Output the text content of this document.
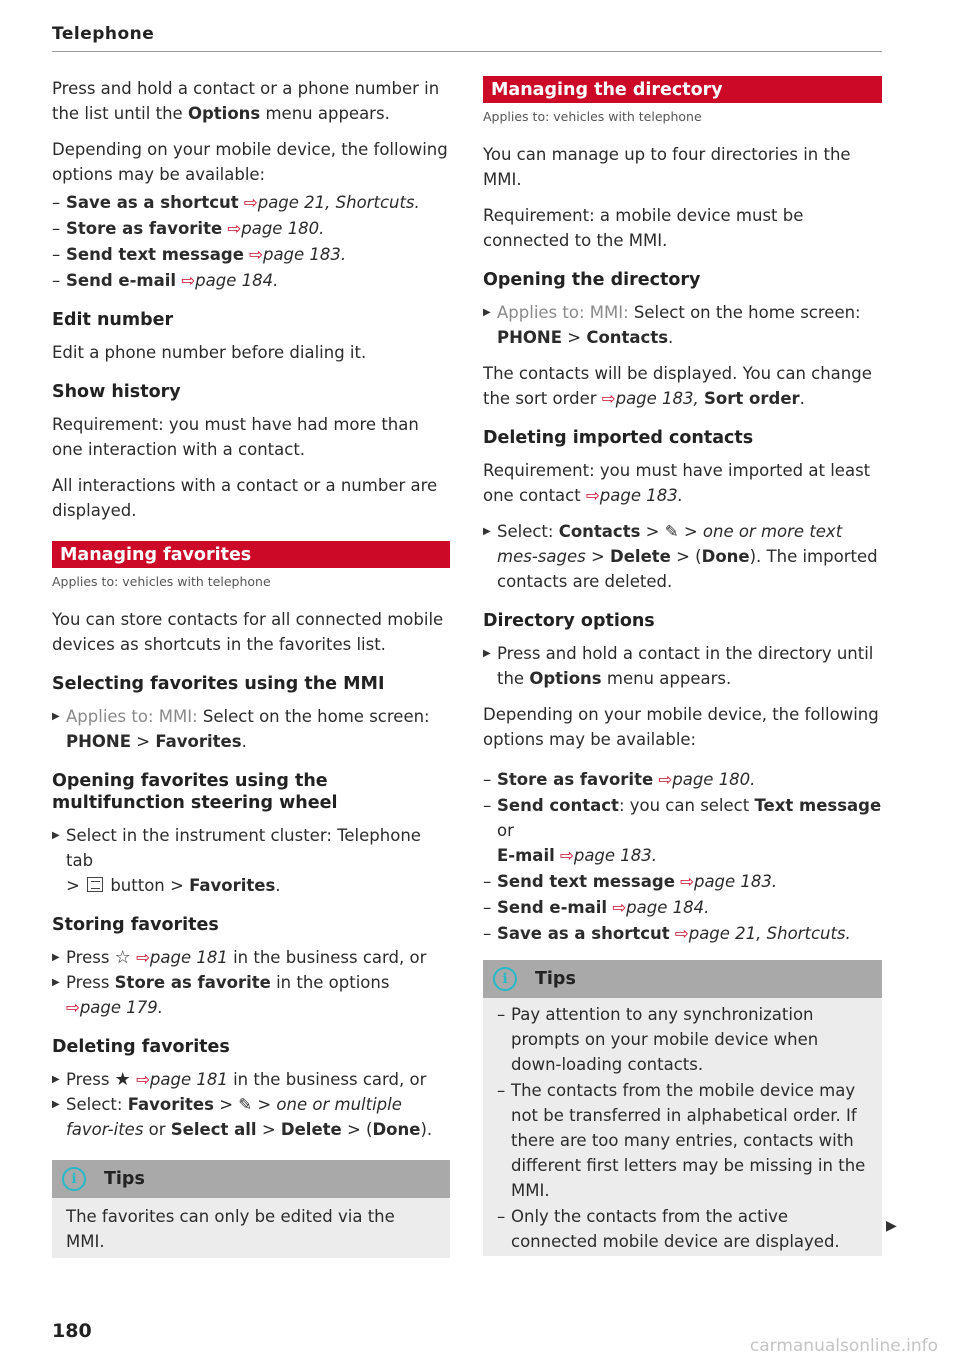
Telephone

Press and hold a contact or a phone number in the list until the Options menu appears.

Depending on your mobile device, the following options may be available:

– Save as a shortcut ⇨page 21, Shortcuts.

– Store as favorite ⇨page 180.

– Send text message ⇨page 183.

– Send e-mail ⇨page 184.

Edit number

Edit a phone number before dialing it.

Show history

Requirement: you must have had more than one interaction with a contact.

All interactions with a contact or a number are displayed.

Managing favorites
Applies to: vehicles with telephone

You can store contacts for all connected mobile devices as shortcuts in the favorites list.

Selecting favorites using the MMI

▶ Applies to: MMI: Select on the home screen:
PHONE > Favorites.

Opening favorites using the multifunction steering wheel

▶ Select in the instrument cluster: Telephone tab
>  button > Favorites.

Storing favorites

▶ Press ☆ ⇨page 181 in the business card, or

▶ Press Store as favorite in the options
⇨page 179.

Deleting favorites

▶ Press ★ ⇨page 181 in the business card, or

▶ Select: Favorites > ✎ > one or multiple favor-ites or Select all > Delete > (Done).

i	Tips

The favorites can only be edited via the MMI.

Managing the directory
Applies to: vehicles with telephone

You can manage up to four directories in the MMI.

Requirement: a mobile device must be connected to the MMI.

Opening the directory

▶ Applies to: MMI: Select on the home screen:
PHONE > Contacts.

The contacts will be displayed. You can change the sort order ⇨page 183, Sort order.

Deleting imported contacts

Requirement: you must have imported at least one contact ⇨page 183.

▶ Select: Contacts > ✎ > one or more text mes-sages > Delete > (Done). The imported contacts are deleted.

Directory options

▶ Press and hold a contact in the directory until the Options menu appears.

Depending on your mobile device, the following options may be available:

– Store as favorite ⇨page 180.

– Send contact: you can select Text message or
E-mail ⇨page 183.

– Send text message ⇨page 183.

– Send e-mail ⇨page 184.

– Save as a shortcut ⇨page 21, Shortcuts.

i	Tips

– Pay attention to any synchronization prompts on your mobile device when down-loading contacts.

– The contacts from the mobile device may not be transferred in alphabetical order. If there are too many entries, contacts with different first letters may be missing in the MMI.

– Only the contacts from the active connected mobile device are displayed.

▶
180
carmanualsonline.info
